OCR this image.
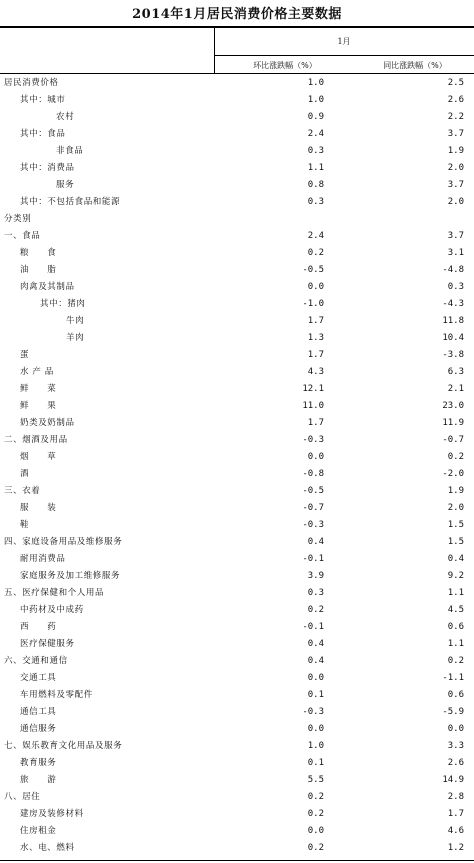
2014年1月居民消费价格主要数据
1月
环比涨跌幅（%）	同比涨跌幅（%）
居民消费价格	1.0	2.5
其中：城市	1.0	2.6
农村	0.9	2.2
其中：食品	2.4	3.7
非食品	0.3	1.9
其中：消费品	1.1	2.0
服务	0.8	3.7
其中：不包括食品和能源	0.3	2.0
分类别
一、食品	2.4	3.7
粮　　食	0.2	3.1
油　　脂	-0.5	-4.8
肉禽及其制品	0.0	0.3
其中：猪肉	-1.0	-4.3
牛肉	1.7	11.8
羊肉	1.3	10.4
蛋	1.7	-3.8
水 产 品	4.3	6.3
鲜　　菜	12.1	2.1
鲜　　果	11.0	23.0
奶类及奶制品	1.7	11.9
二、烟酒及用品	-0.3	-0.7
烟　　草	0.0	0.2
酒	-0.8	-2.0
三、衣着	-0.5	1.9
服　　装	-0.7	2.0
鞋	-0.3	1.5
四、家庭设备用品及维修服务	0.4	1.5
耐用消费品	-0.1	0.4
家庭服务及加工维修服务	3.9	9.2
五、医疗保健和个人用品	0.3	1.1
中药材及中成药	0.2	4.5
西　　药	-0.1	0.6
医疗保健服务	0.4	1.1
六、交通和通信	0.4	0.2
交通工具	0.0	-1.1
车用燃料及零配件	0.1	0.6
通信工具	-0.3	-5.9
通信服务	0.0	0.0
七、娱乐教育文化用品及服务	1.0	3.3
教育服务	0.1	2.6
旅　　游	5.5	14.9
八、居住	0.2	2.8
建房及装修材料	0.2	1.7
住房租金	0.0	4.6
水、电、燃料	0.2	1.2
